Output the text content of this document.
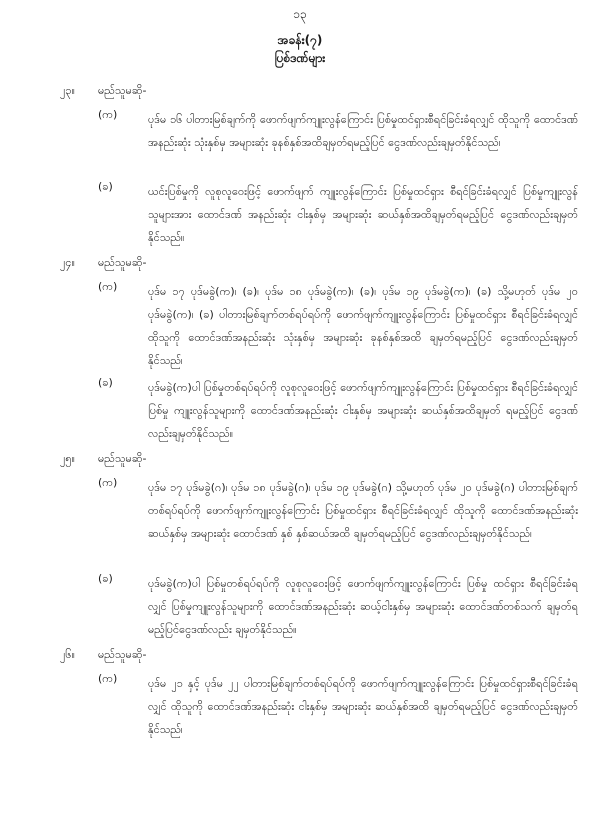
၁၃
အခန်း(၇)
ပြစ်ဒဏ်များ
၂၃။ မည်သူမဆို-
(က)	ပုဒ်မ ၁၆ ပါတားမြစ်ချက်ကို ဖောက်ဖျက်ကျူးလွန်ကြောင်း ပြစ်မှုထင်ရှားစီရင်ခြင်းခံရလျှင် ထိုသူကို ထောင်ဒဏ်အနည်းဆုံး သုံးနှစ်မှ အများဆုံး ခုနစ်နှစ်အထိချမှတ်ရမည့်ပြင် ငွေဒဏ်လည်းချမှတ်နိုင်သည်၊
(ခ)	ယင်းပြစ်မှုကို လူစုလူဝေးဖြင့် ဖောက်ဖျက် ကျူးလွန်ကြောင်း ပြစ်မှုထင်ရှား စီရင်ခြင်းခံရလျှင် ပြစ်မှုကျူးလွန်သူများအား ထောင်ဒဏ် အနည်းဆုံး ငါးနှစ်မှ အများဆုံး ဆယ်နှစ်အထိချမှတ်ရမည့်ပြင် ငွေဒဏ်လည်းချမှတ်နိုင်သည်။
၂၄။ မည်သူမဆို-
(က)	ပုဒ်မ ၁၇ ပုဒ်မခွဲ(က)၊ (ခ)၊ ပုဒ်မ ၁၈ ပုဒ်မခွဲ(က)၊ (ခ)၊ ပုဒ်မ ၁၉ ပုဒ်မခွဲ(က)၊ (ခ) သို့မဟုတ် ပုဒ်မ ၂၀ ပုဒ်မခွဲ(က)၊ (ခ) ပါတားမြစ်ချက်တစ်ရပ်ရပ်ကို ဖောက်ဖျက်ကျူးလွန်ကြောင်း ပြစ်မှုထင်ရှား စီရင်ခြင်းခံရလျှင် ထိုသူကို ထောင်ဒဏ်အနည်းဆုံး သုံးနှစ်မှ အများဆုံး ခုနစ်နှစ်အထိ ချမှတ်ရမည့်ပြင် ငွေဒဏ်လည်းချမှတ်နိုင်သည်၊
(ခ)	ပုဒ်မခွဲ(က)ပါ ပြစ်မှုတစ်ရပ်ရပ်ကို လူစုလူဝေးဖြင့် ဖောက်ဖျက်ကျူးလွန်ကြောင်း ပြစ်မှုထင်ရှား စီရင်ခြင်းခံရလျှင် ပြစ်မှု ကျူးလွန်သူများကို ထောင်ဒဏ်အနည်းဆုံး ငါးနှစ်မှ အများဆုံး ဆယ်နှစ်အထိချမှတ် ရမည့်ပြင် ငွေဒဏ်လည်းချမှတ်နိုင်သည်။
၂၅။ မည်သူမဆို-
(က)	ပုဒ်မ ၁၇ ပုဒ်မခွဲ(ဂ)၊ ပုဒ်မ ၁၈ ပုဒ်မခွဲ(ဂ)၊ ပုဒ်မ ၁၉ ပုဒ်မခွဲ(ဂ) သို့မဟုတ် ပုဒ်မ ၂၀ ပုဒ်မခွဲ(ဂ) ပါတားမြစ်ချက်တစ်ရပ်ရပ်ကို ဖောက်ဖျက်ကျူးလွန်ကြောင်း ပြစ်မှုထင်ရှား စီရင်ခြင်းခံရလျှင် ထိုသူကို ထောင်ဒဏ်အနည်းဆုံး ဆယ်နှစ်မှ အများဆုံး ထောင်ဒဏ် နှစ် နှစ်ဆယ်အထိ ချမှတ်ရမည့်ပြင် ငွေဒဏ်လည်းချမှတ်နိုင်သည်၊
(ခ)	ပုဒ်မခွဲ(က)ပါ ပြစ်မှုတစ်ရပ်ရပ်ကို လူစုလူဝေးဖြင့် ဖောက်ဖျက်ကျူးလွန်ကြောင်း ပြစ်မှု ထင်ရှား စီရင်ခြင်းခံရလျှင် ပြစ်မှုကျူးလွန်သူများကို ထောင်ဒဏ်အနည်းဆုံး ဆယ့်ငါးနှစ်မှ အများဆုံး ထောင်ဒဏ်တစ်သက် ချမှတ်ရမည့်ပြင်ငွေဒဏ်လည်း ချမှတ်နိုင်သည်။
၂၆။ မည်သူမဆို-
(က)	ပုဒ်မ ၂၁ နှင့် ပုဒ်မ ၂၂ ပါတားမြစ်ချက်တစ်ရပ်ရပ်ကို ဖောက်ဖျက်ကျူးလွန်ကြောင်း ပြစ်မှုထင်ရှားစီရင်ခြင်းခံရလျှင် ထိုသူကို ထောင်ဒဏ်အနည်းဆုံး ငါးနှစ်မှ အများဆုံး ဆယ်နှစ်အထိ ချမှတ်ရမည့်ပြင် ငွေဒဏ်လည်းချမှတ်နိုင်သည်၊
